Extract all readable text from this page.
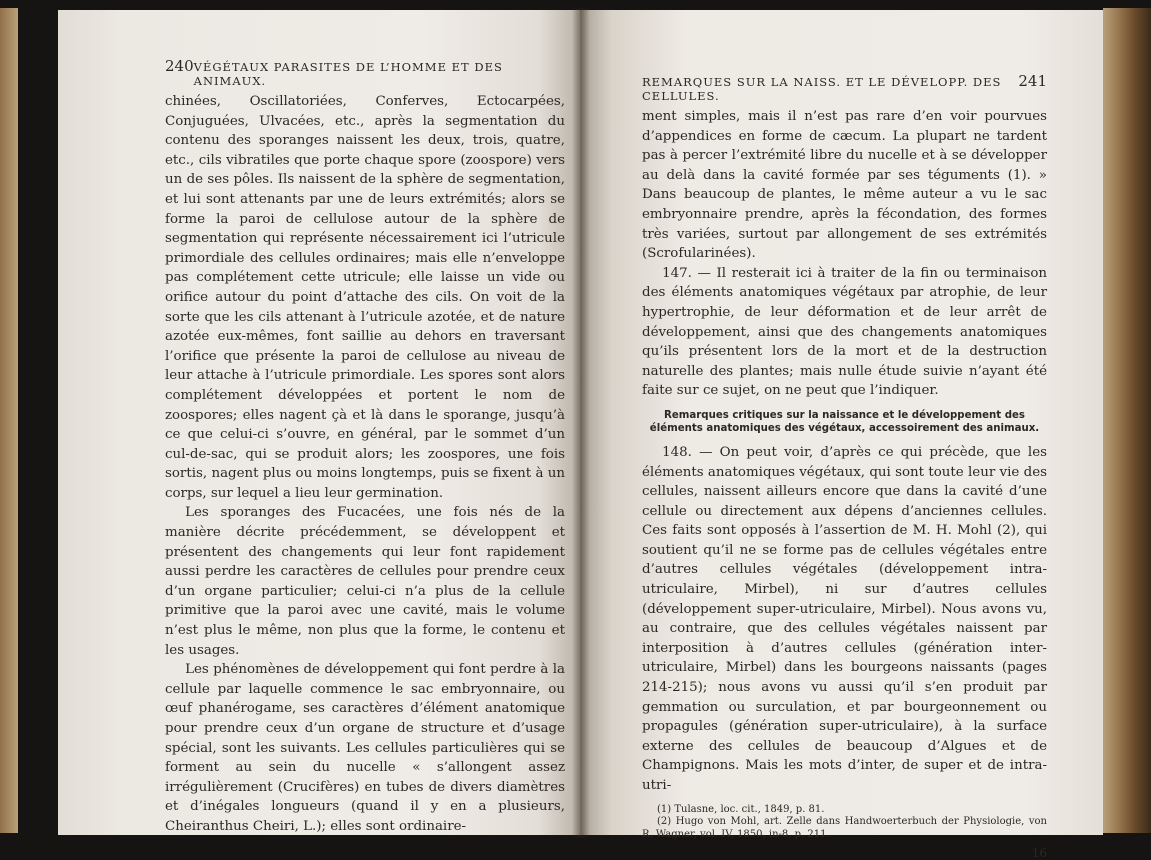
240 VÉGÉTAUX PARASITES DE L’HOMME ET DES ANIMAUX.

chinées, Oscillatoriées, Conferves, Ectocarpées, Conjuguées, Ulvacées, etc., après la segmentation du contenu des sporanges naissent les deux, trois, quatre, etc., cils vibratiles que porte chaque spore (zoospore) vers un de ses pôles. Ils naissent de la sphère de segmentation, et lui sont attenants par une de leurs extrémités; alors se forme la paroi de cellulose autour de la sphère de segmentation qui représente nécessairement ici l’utricule primordiale des cellules ordinaires; mais elle n’enveloppe pas complétement cette utricule; elle laisse un vide ou orifice autour du point d’attache des cils. On voit de la sorte que les cils attenant à l’utricule azotée, et de nature azotée eux-mêmes, font saillie au dehors en traversant l’orifice que présente la paroi de cellulose au niveau de leur attache à l’utricule primordiale. Les spores sont alors complétement développées et portent le nom de zoospores; elles nagent çà et là dans le sporange, jusqu’à ce que celui-ci s’ouvre, en général, par le sommet d’un cul-de-sac, qui se produit alors; les zoospores, une fois sortis, nagent plus ou moins longtemps, puis se fixent à un corps, sur lequel a lieu leur germination.

Les sporanges des Fucacées, une fois nés de la manière décrite précédemment, se développent et présentent des changements qui leur font rapidement aussi perdre les caractères de cellules pour prendre ceux d’un organe particulier; celui-ci n’a plus de la cellule primitive que la paroi avec une cavité, mais le volume n’est plus le même, non plus que la forme, le contenu et les usages.

Les phénomènes de développement qui font perdre à la cellule par laquelle commence le sac embryonnaire, ou œuf phanérogame, ses caractères d’élément anatomique pour prendre ceux d’un organe de structure et d’usage spécial, sont les suivants. Les cellules particulières qui se forment au sein du nucelle « s’allongent assez irrégulièrement (Crucifères) en tubes de divers diamètres et d’inégales longueurs (quand il y en a plusieurs, Cheiranthus Cheiri, L.); elles sont ordinaire-

REMARQUES SUR LA NAISS. ET LE DÉVELOPP. DES CELLULES.
241

ment simples, mais il n’est pas rare d’en voir pourvues d’appendices en forme de cæcum. La plupart ne tardent pas à percer l’extrémité libre du nucelle et à se développer au delà dans la cavité formée par ses téguments (1). » Dans beaucoup de plantes, le même auteur a vu le sac embryonnaire prendre, après la fécondation, des formes très variées, surtout par allongement de ses extrémités (Scrofularinées).

147. — Il resterait ici à traiter de la fin ou terminaison des éléments anatomiques végétaux par atrophie, de leur hypertrophie, de leur déformation et de leur arrêt de développement, ainsi que des changements anatomiques qu’ils présentent lors de la mort et de la destruction naturelle des plantes; mais nulle étude suivie n’ayant été faite sur ce sujet, on ne peut que l’indiquer.

Remarques critiques sur la naissance et le développement des éléments anatomiques des végétaux, accessoirement des animaux.

148. — On peut voir, d’après ce qui précède, que les éléments anatomiques végétaux, qui sont toute leur vie des cellules, naissent ailleurs encore que dans la cavité d’une cellule ou directement aux dépens d’anciennes cellules. Ces faits sont opposés à l’assertion de M. H. Mohl (2), qui soutient qu’il ne se forme pas de cellules végétales entre d’autres cellules végétales (développement intra-utriculaire, Mirbel), ni sur d’autres cellules (développement super-utriculaire, Mirbel). Nous avons vu, au contraire, que des cellules végétales naissent par interposition à d’autres cellules (génération inter-utriculaire, Mirbel) dans les bourgeons naissants (pages 214-215); nous avons vu aussi qu’il s’en produit par gemmation ou surculation, et par bourgeonnement ou propagules (génération super-utriculaire), à la surface externe des cellules de beaucoup d’Algues et de Champignons. Mais les mots d’inter, de super et de intra-utri-

(1) Tulasne, loc. cit., 1849, p. 81.

(2) Hugo von Mohl, art. Zelle dans Handwoerterbuch der Physiologie, von R. Wagner, vol. IV, 1850, in-8, p. 211.

16
